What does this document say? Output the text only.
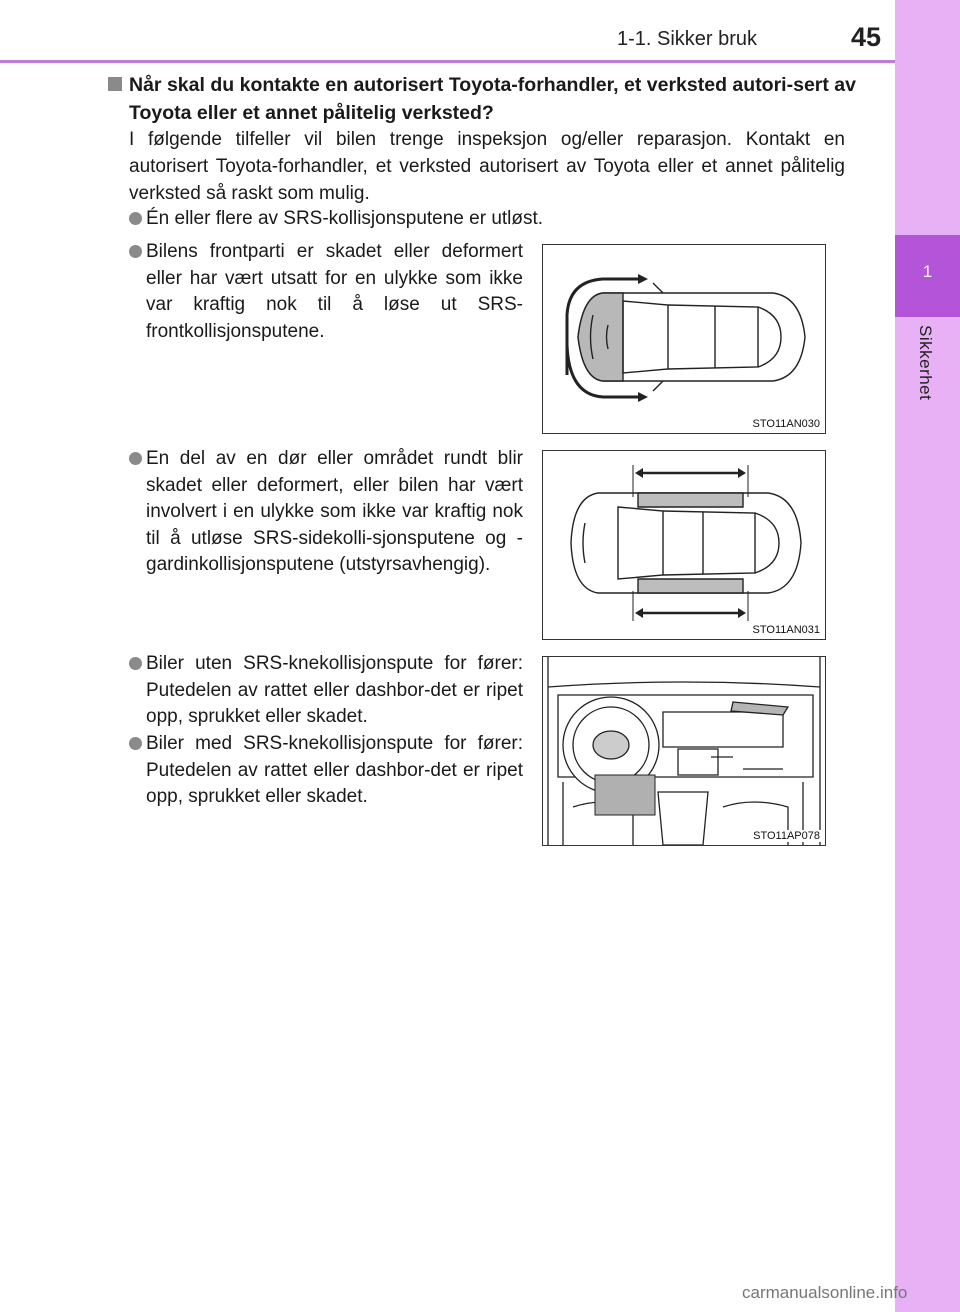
1-1. Sikker bruk	45
1
Sikkerhet
Når skal du kontakte en autorisert Toyota-forhandler, et verksted autori-sert av Toyota eller et annet pålitelig verksted?
I følgende tilfeller vil bilen trenge inspeksjon og/eller reparasjon. Kontakt en autorisert Toyota-forhandler, et verksted autorisert av Toyota eller et annet pålitelig verksted så raskt som mulig.
Én eller flere av SRS-kollisjonsputene er utløst.
Bilens frontparti er skadet eller deformert eller har vært utsatt for en ulykke som ikke var kraftig nok til å løse ut SRS-frontkollisjonsputene.
En del av en dør eller området rundt blir skadet eller deformert, eller bilen har vært involvert i en ulykke som ikke var kraftig nok til å utløse SRS-sidekolli-sjonsputene og -gardinkollisjonsputene (utstyrsavhengig).
Biler uten SRS-knekollisjonspute for fører: Putedelen av rattet eller dashbor-det er ripet opp, sprukket eller skadet.
Biler med SRS-knekollisjonspute for fører: Putedelen av rattet eller dashbor-det er ripet opp, sprukket eller skadet.
STO11AN030
STO11AN031
STO11AP078
carmanualsonline.info
